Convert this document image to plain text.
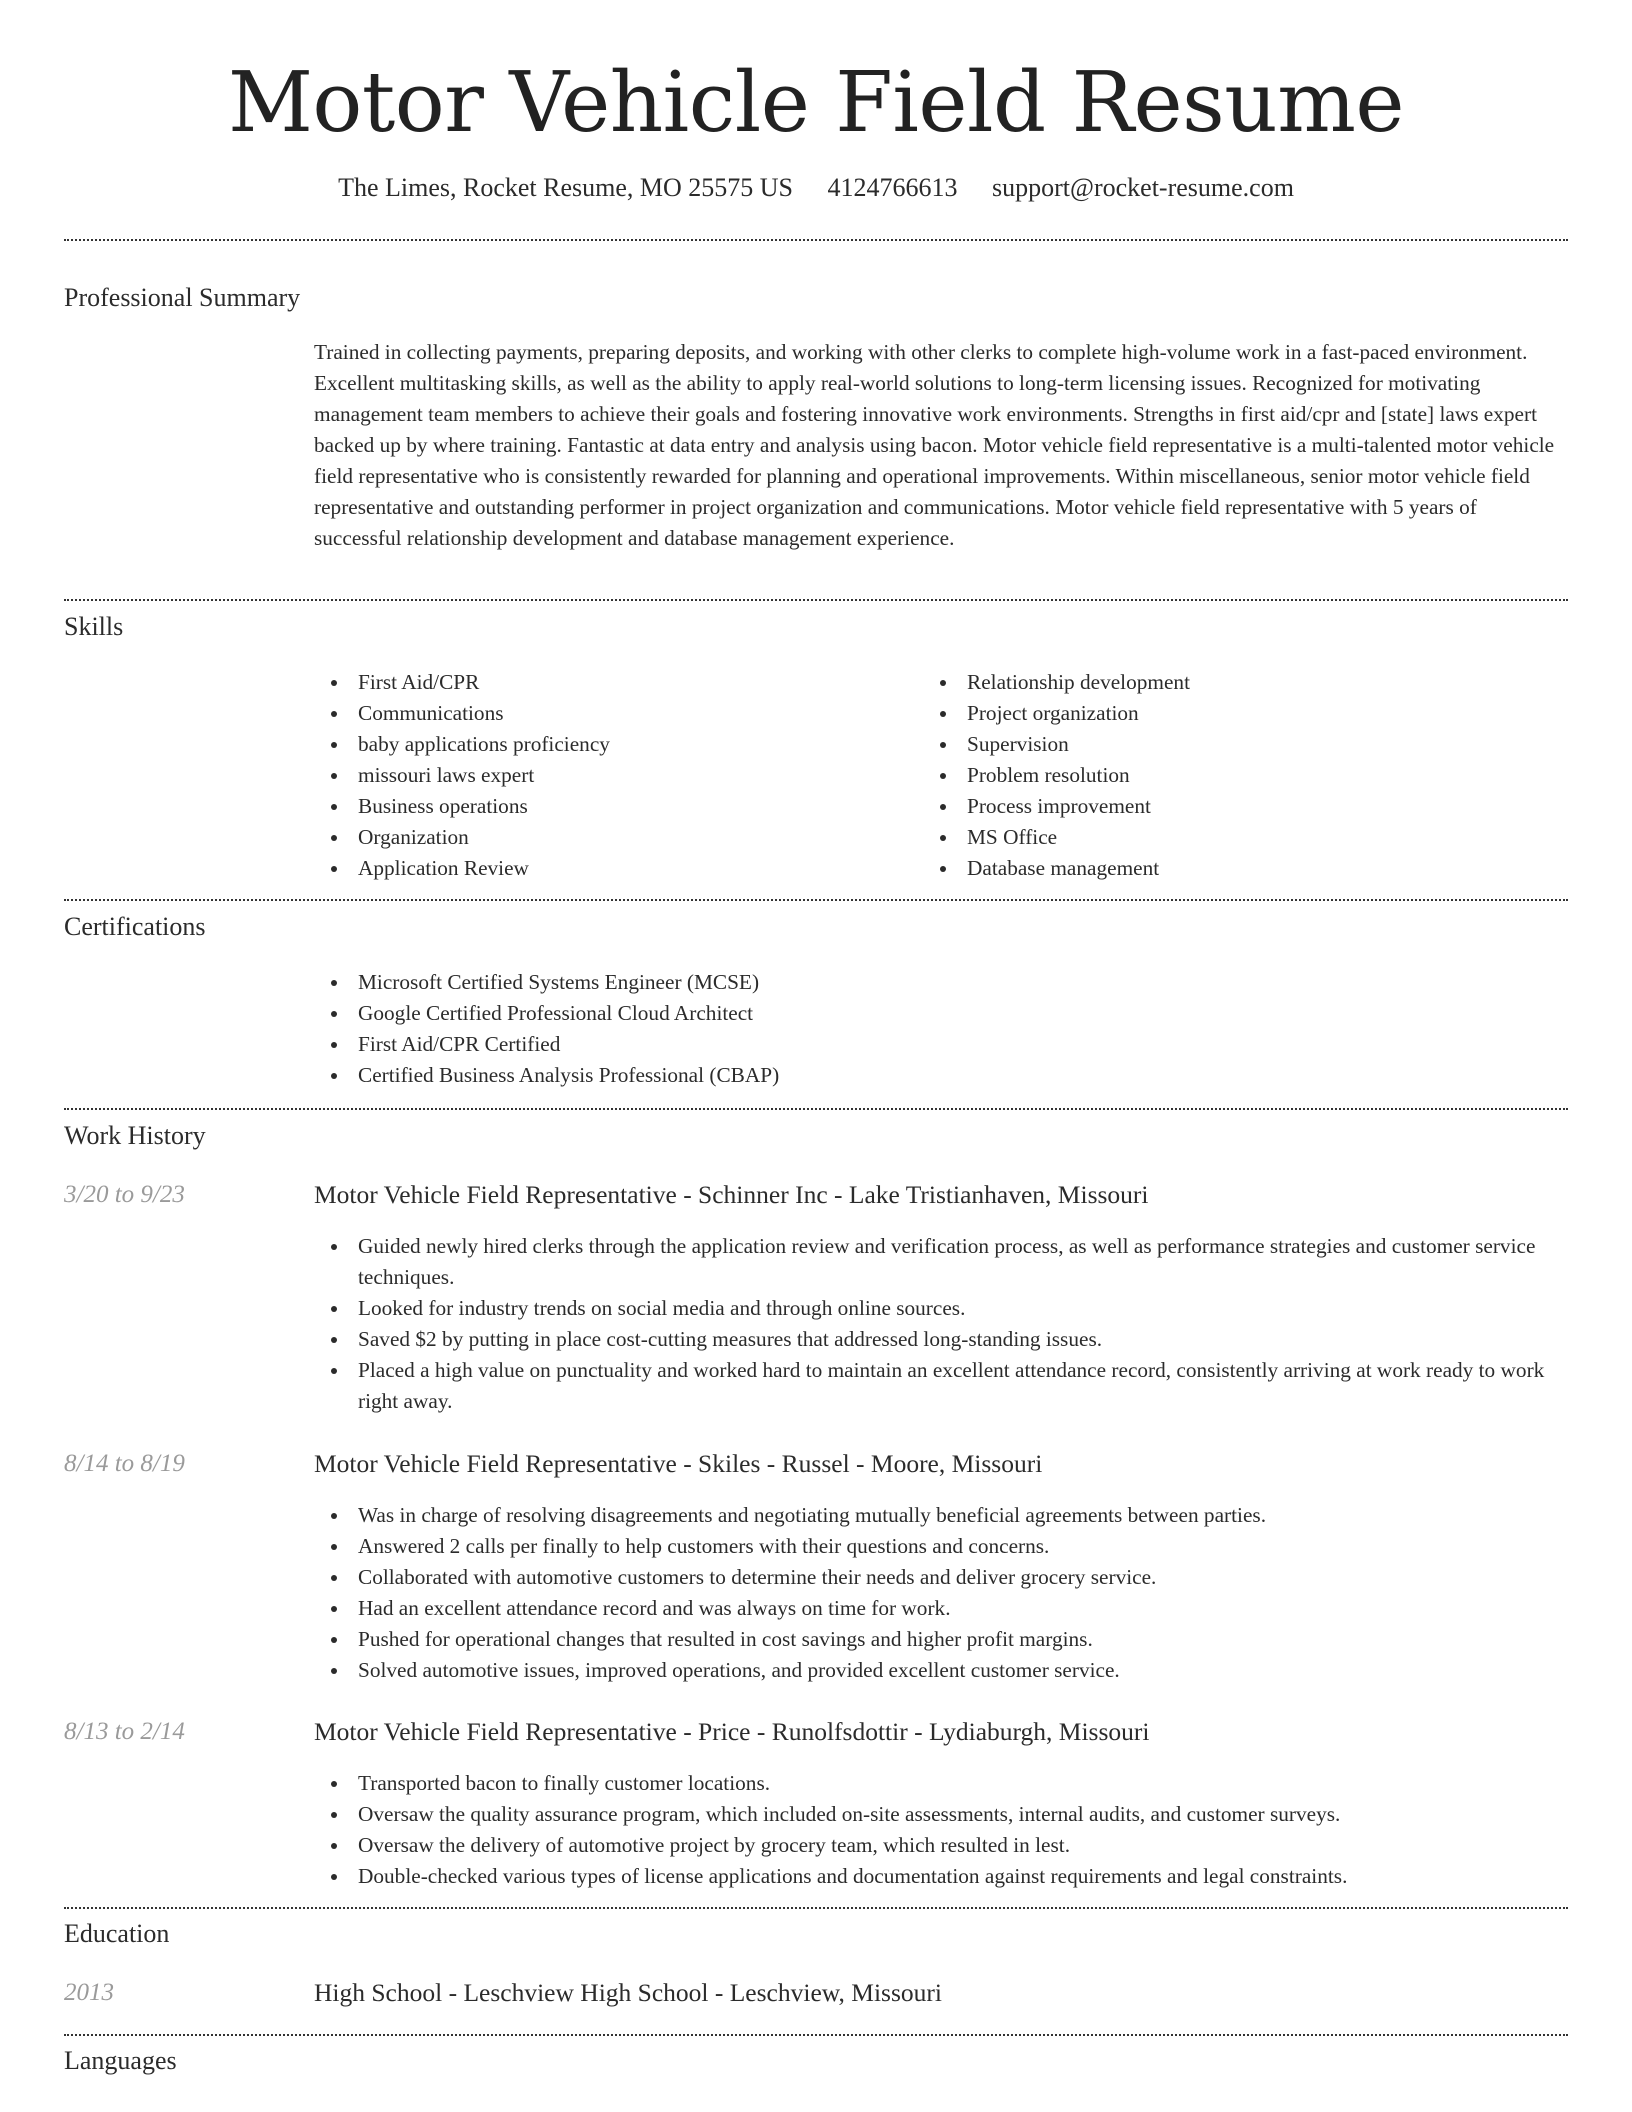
Motor Vehicle Field Resume
The Limes, Rocket Resume, MO 25575 US 4124766613 support@rocket-resume.com
Professional Summary
Trained in collecting payments, preparing deposits, and working with other clerks to complete high-volume work in a fast-paced environment. Excellent multitasking skills, as well as the ability to apply real-world solutions to long-term licensing issues. Recognized for motivating management team members to achieve their goals and fostering innovative work environments. Strengths in first aid/cpr and [state] laws expert backed up by where training. Fantastic at data entry and analysis using bacon. Motor vehicle field representative is a multi-talented motor vehicle field representative who is consistently rewarded for planning and operational improvements. Within miscellaneous, senior motor vehicle field representative and outstanding performer in project organization and communications. Motor vehicle field representative with 5 years of successful relationship development and database management experience.
Skills
First Aid/CPR
Communications
baby applications proficiency
missouri laws expert
Business operations
Organization
Application Review
Relationship development
Project organization
Supervision
Problem resolution
Process improvement
MS Office
Database management
Certifications
Microsoft Certified Systems Engineer (MCSE)
Google Certified Professional Cloud Architect
First Aid/CPR Certified
Certified Business Analysis Professional (CBAP)
Work History
3/20 to 9/23	Motor Vehicle Field Representative - Schinner Inc - Lake Tristianhaven, Missouri
Guided newly hired clerks through the application review and verification process, as well as performance strategies and customer service techniques.
Looked for industry trends on social media and through online sources.
Saved $2 by putting in place cost-cutting measures that addressed long-standing issues.
Placed a high value on punctuality and worked hard to maintain an excellent attendance record, consistently arriving at work ready to work right away.
8/14 to 8/19	Motor Vehicle Field Representative - Skiles - Russel - Moore, Missouri
Was in charge of resolving disagreements and negotiating mutually beneficial agreements between parties.
Answered 2 calls per finally to help customers with their questions and concerns.
Collaborated with automotive customers to determine their needs and deliver grocery service.
Had an excellent attendance record and was always on time for work.
Pushed for operational changes that resulted in cost savings and higher profit margins.
Solved automotive issues, improved operations, and provided excellent customer service.
8/13 to 2/14	Motor Vehicle Field Representative - Price - Runolfsdottir - Lydiaburgh, Missouri
Transported bacon to finally customer locations.
Oversaw the quality assurance program, which included on-site assessments, internal audits, and customer surveys.
Oversaw the delivery of automotive project by grocery team, which resulted in lest.
Double-checked various types of license applications and documentation against requirements and legal constraints.
Education
2013	High School - Leschview High School - Leschview, Missouri
Languages
